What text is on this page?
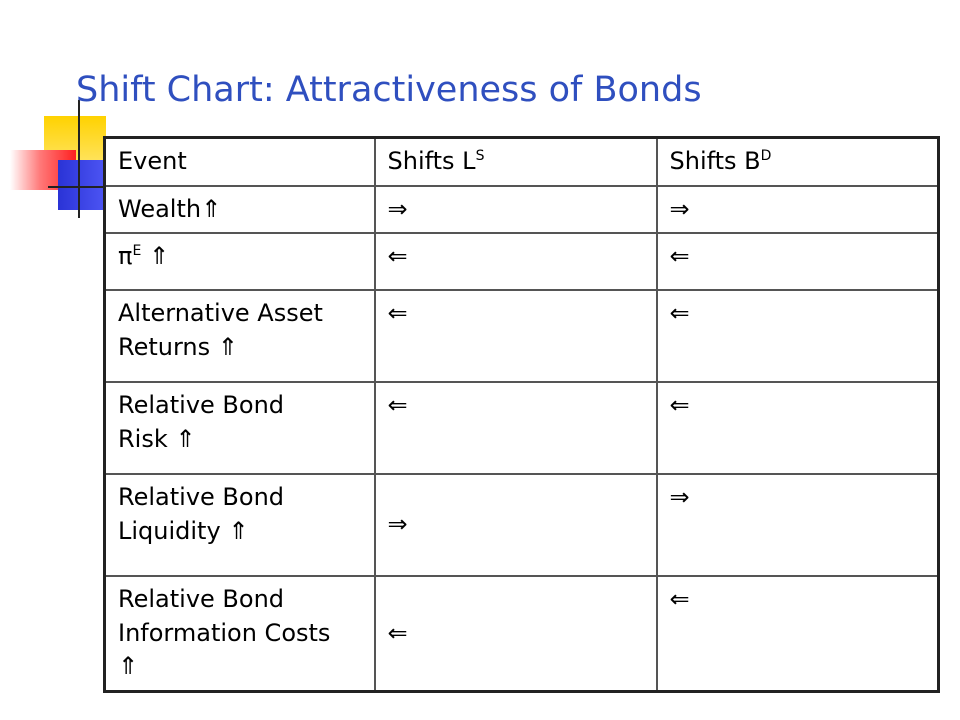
Shift Chart: Attractiveness of Bonds
Event	Shifts $L^S$	Shifts $B^D$
Wealth⇑	⇒	⇒
$\pi^E$ ⇑	⇐	⇐
Alternative Asset
Returns ⇑	⇐	⇐
Relative Bond
Risk ⇑	⇐	⇐
Relative Bond
Liquidity ⇑	⇒	⇒
Relative Bond
Information Costs
⇑	⇐	⇐
